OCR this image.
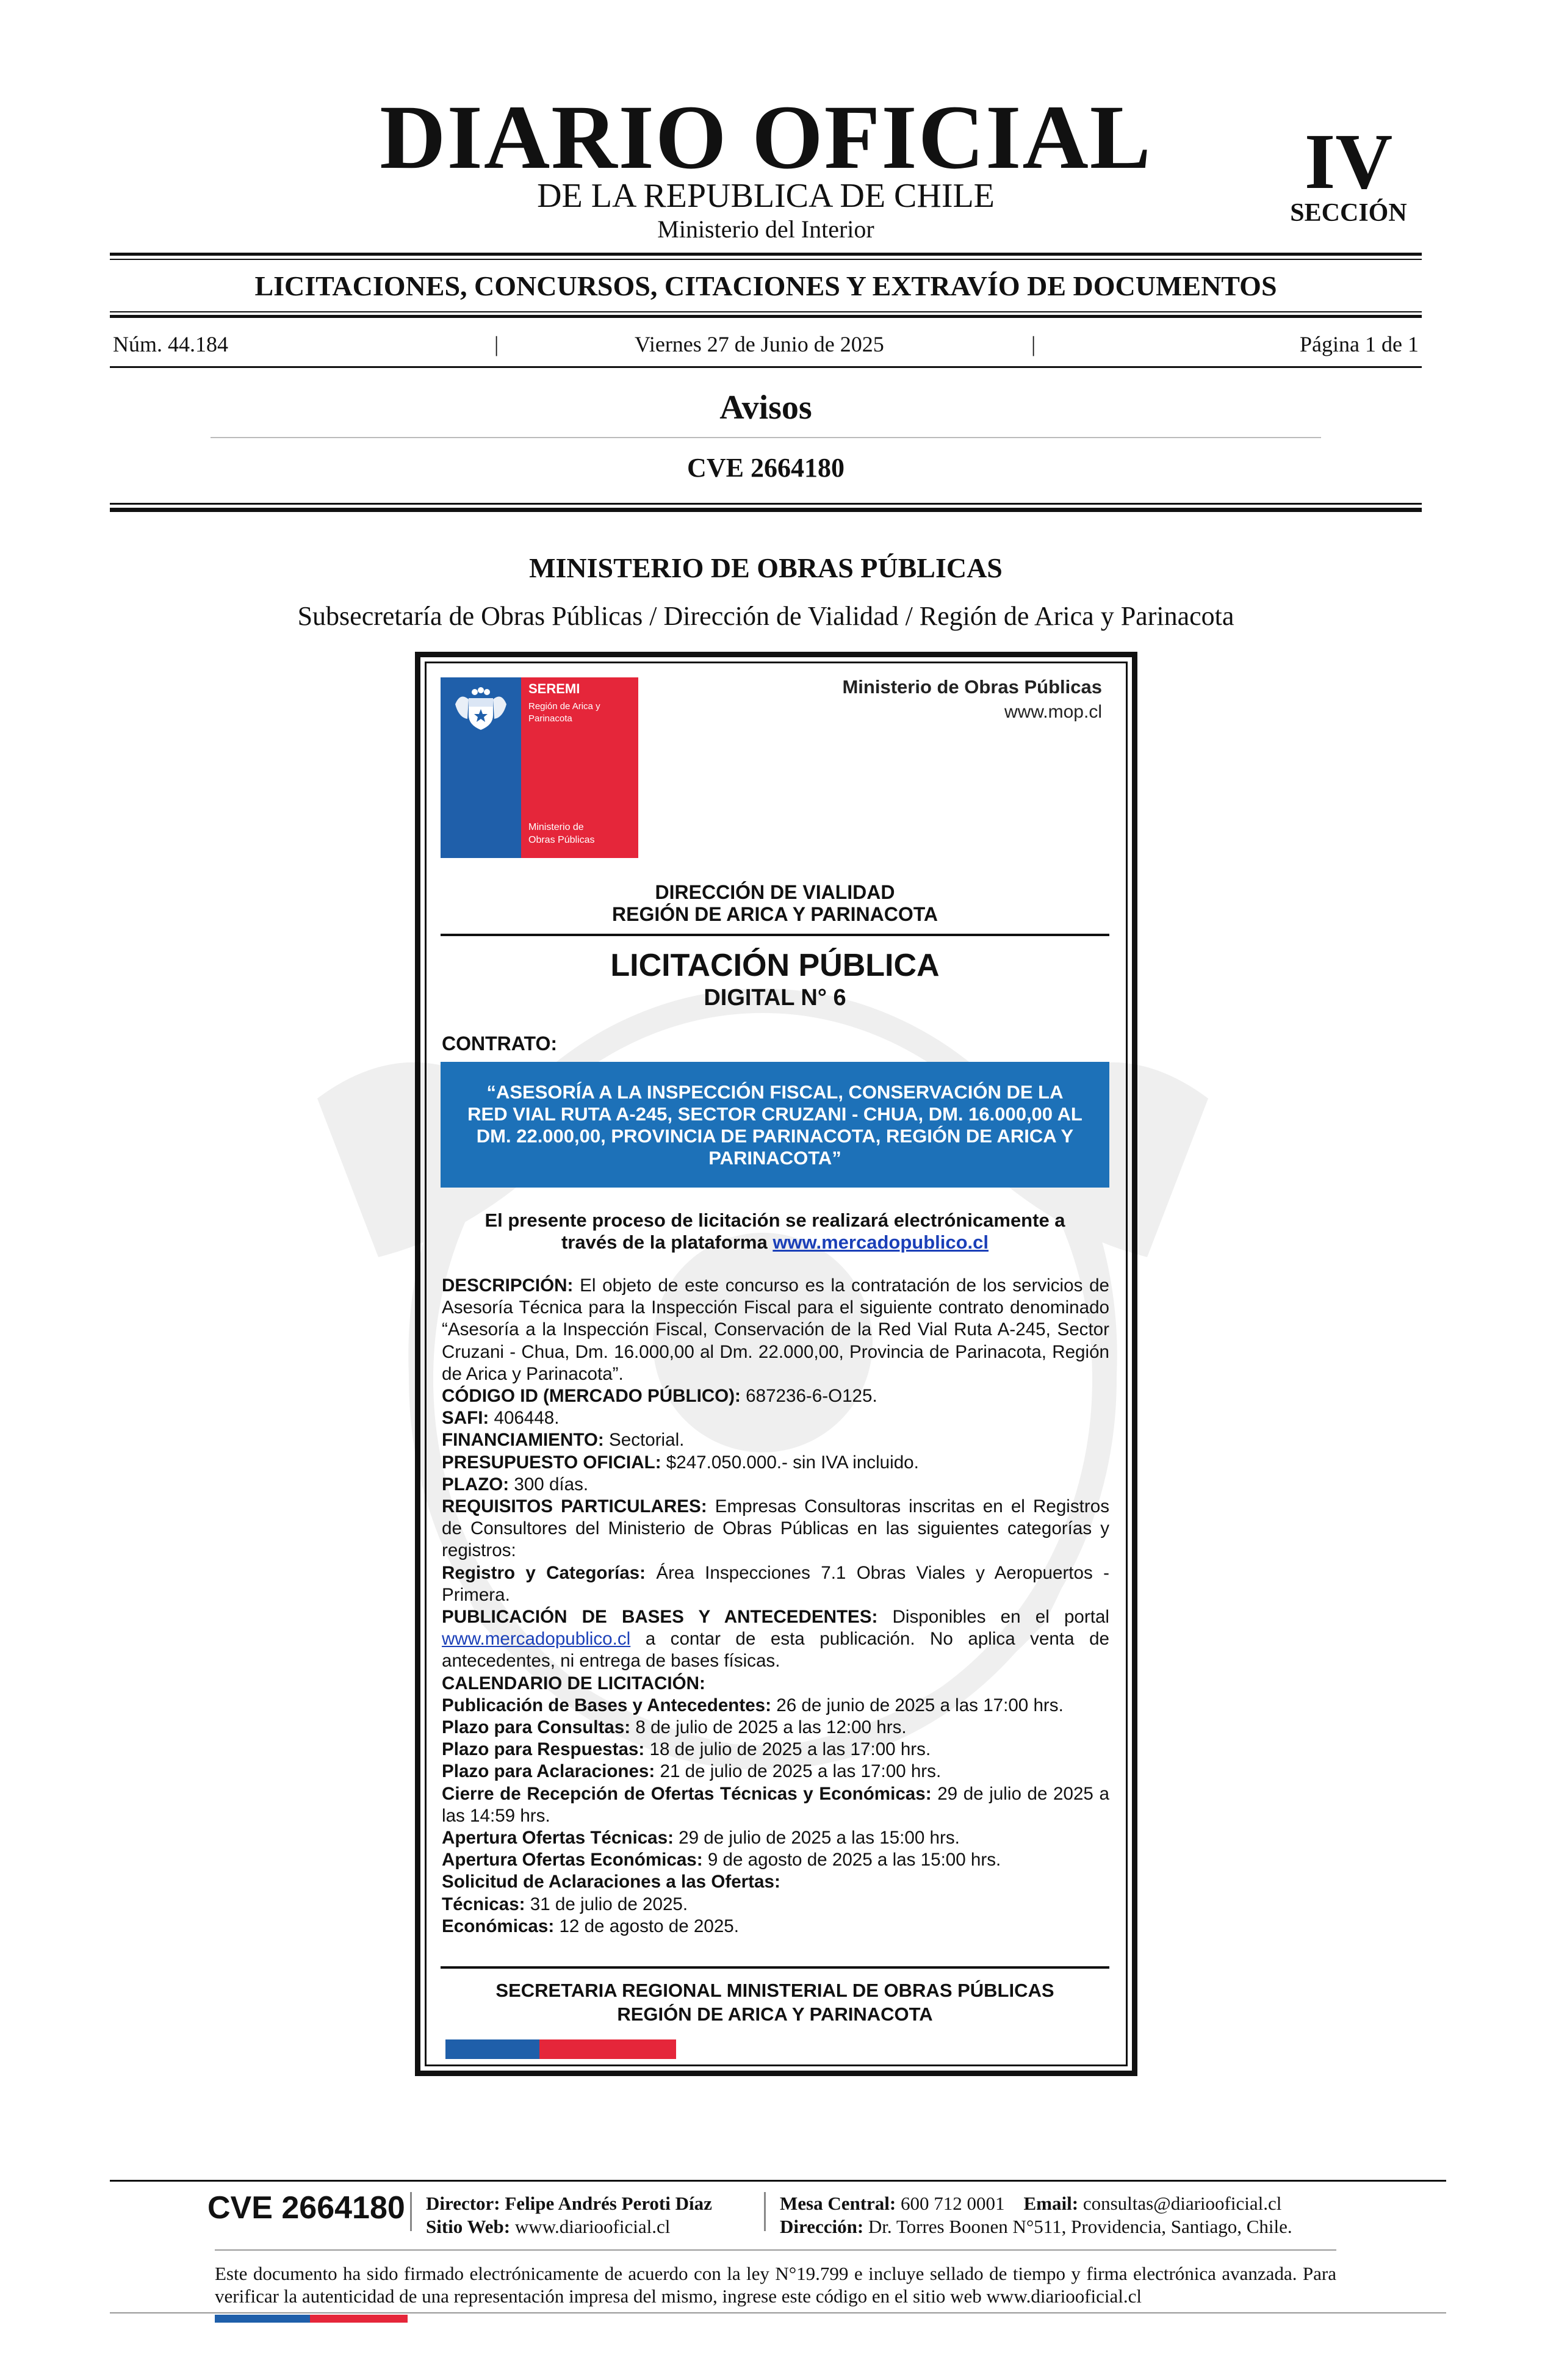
DIARIO OFICIAL
DE LA REPUBLICA DE CHILE
Ministerio del Interior
IV
SECCIÓN
LICITACIONES, CONCURSOS, CITACIONES Y EXTRAVÍO DE DOCUMENTOS
Núm. 44.184	|	Viernes 27 de Junio de 2025	|	Página 1 de 1
Avisos
CVE 2664180
MINISTERIO DE OBRAS PÚBLICAS
Subsecretaría de Obras Públicas / Dirección de Vialidad / Región de Arica y Parinacota
SEREMI
Región de Arica y
Parinacota
Ministerio de
Obras Públicas
Ministerio de Obras Públicas
www.mop.cl
DIRECCIÓN DE VIALIDAD
REGIÓN DE ARICA Y PARINACOTA
LICITACIÓN PÚBLICA
DIGITAL N° 6
CONTRATO:
“ASESORÍA A LA INSPECCIÓN FISCAL, CONSERVACIÓN DE LA
RED VIAL RUTA A-245, SECTOR CRUZANI - CHUA, DM. 16.000,00 AL
DM. 22.000,00, PROVINCIA DE PARINACOTA, REGIÓN DE ARICA Y
PARINACOTA”
El presente proceso de licitación se realizará electrónicamente a
través de la plataforma www.mercadopublico.cl

DESCRIPCIÓN: El objeto de este concurso es la contratación de los servicios de Asesoría Técnica para la Inspección Fiscal para el siguiente contrato denominado “Asesoría a la Inspección Fiscal, Conservación de la Red Vial Ruta A-245, Sector Cruzani - Chua, Dm. 16.000,00 al Dm. 22.000,00, Provincia de Parinacota, Región de Arica y Parinacota”.

CÓDIGO ID (MERCADO PÚBLICO): 687236-6-O125.

SAFI: 406448.

FINANCIAMIENTO: Sectorial.

PRESUPUESTO OFICIAL: $247.050.000.- sin IVA incluido.

PLAZO: 300 días.

REQUISITOS PARTICULARES: Empresas Consultoras inscritas en el Registros de Consultores del Ministerio de Obras Públicas en las siguientes categorías y registros:

Registro y Categorías: Área Inspecciones 7.1 Obras Viales y Aeropuertos - Primera.

PUBLICACIÓN DE BASES Y ANTECEDENTES: Disponibles en el portal www.mercadopublico.cl a contar de esta publicación. No aplica venta de antecedentes, ni entrega de bases físicas.

CALENDARIO DE LICITACIÓN:

Publicación de Bases y Antecedentes: 26 de junio de 2025 a las 17:00 hrs.

Plazo para Consultas: 8 de julio de 2025 a las 12:00 hrs.

Plazo para Respuestas: 18 de julio de 2025 a las 17:00 hrs.

Plazo para Aclaraciones: 21 de julio de 2025 a las 17:00 hrs.

Cierre de Recepción de Ofertas Técnicas y Económicas: 29 de julio de 2025 a las 14:59 hrs.

Apertura Ofertas Técnicas: 29 de julio de 2025 a las 15:00 hrs.

Apertura Ofertas Económicas: 9 de agosto de 2025 a las 15:00 hrs.

Solicitud de Aclaraciones a las Ofertas:

Técnicas: 31 de julio de 2025.

Económicas: 12 de agosto de 2025.

SECRETARIA REGIONAL MINISTERIAL DE OBRAS PÚBLICAS
REGIÓN DE ARICA Y PARINACOTA
CVE 2664180 Director: Felipe Andrés Peroti Díaz
Sitio Web: www.diariooficial.cl
Mesa Central: 600 712 0001 Email: consultas@diariooficial.cl
Dirección: Dr. Torres Boonen N°511, Providencia, Santiago, Chile.
Este documento ha sido firmado electrónicamente de acuerdo con la ley N°19.799 e incluye sellado de tiempo y firma electrónica avanzada. Para verificar la autenticidad de una representación impresa del mismo, ingrese este código en el sitio web www.diariooficial.cl
